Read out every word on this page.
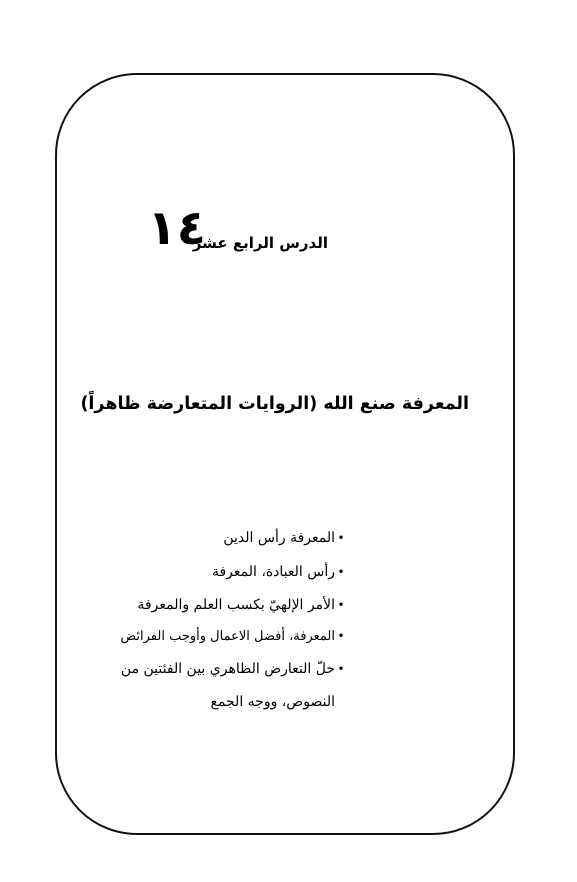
الدرس الرابع عشر
١٤
المعرفة صنع الله (الروايات المتعارضة ظاهراً)
•المعرفة رأس الدين
•رأس العبادة، المعرفة
•الأمر الإلهيّ بكسب العلم والمعرفة
•المعرفة، أفضل الاعمال وأوجب الفرائض
•حلّ التعارض الظاهري بين الفئتين من
النصوص، ووجه الجمع
